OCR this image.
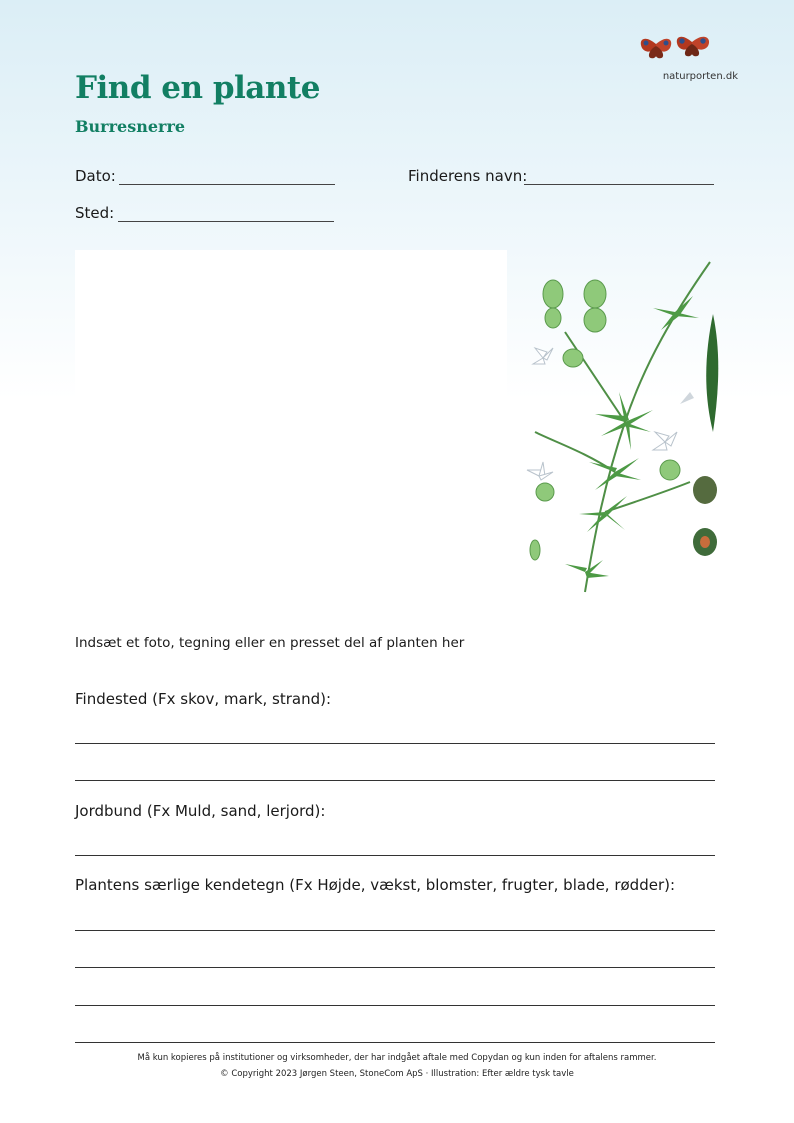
naturporten.dk
Find en plante
Burresnerre
Dato:	Finderens navn:
Sted:
Indsæt et foto, tegning eller en presset del af planten her
Findested (Fx skov, mark, strand):
Jordbund (Fx Muld, sand, lerjord):
Plantens særlige kendetegn (Fx Højde, vækst, blomster, frugter, blade, rødder):
Må kun kopieres på institutioner og virksomheder, der har indgået aftale med Copydan og kun inden for aftalens rammer.
© Copyright 2023 Jørgen Steen, StoneCom ApS · Illustration: Efter ældre tysk tavle
